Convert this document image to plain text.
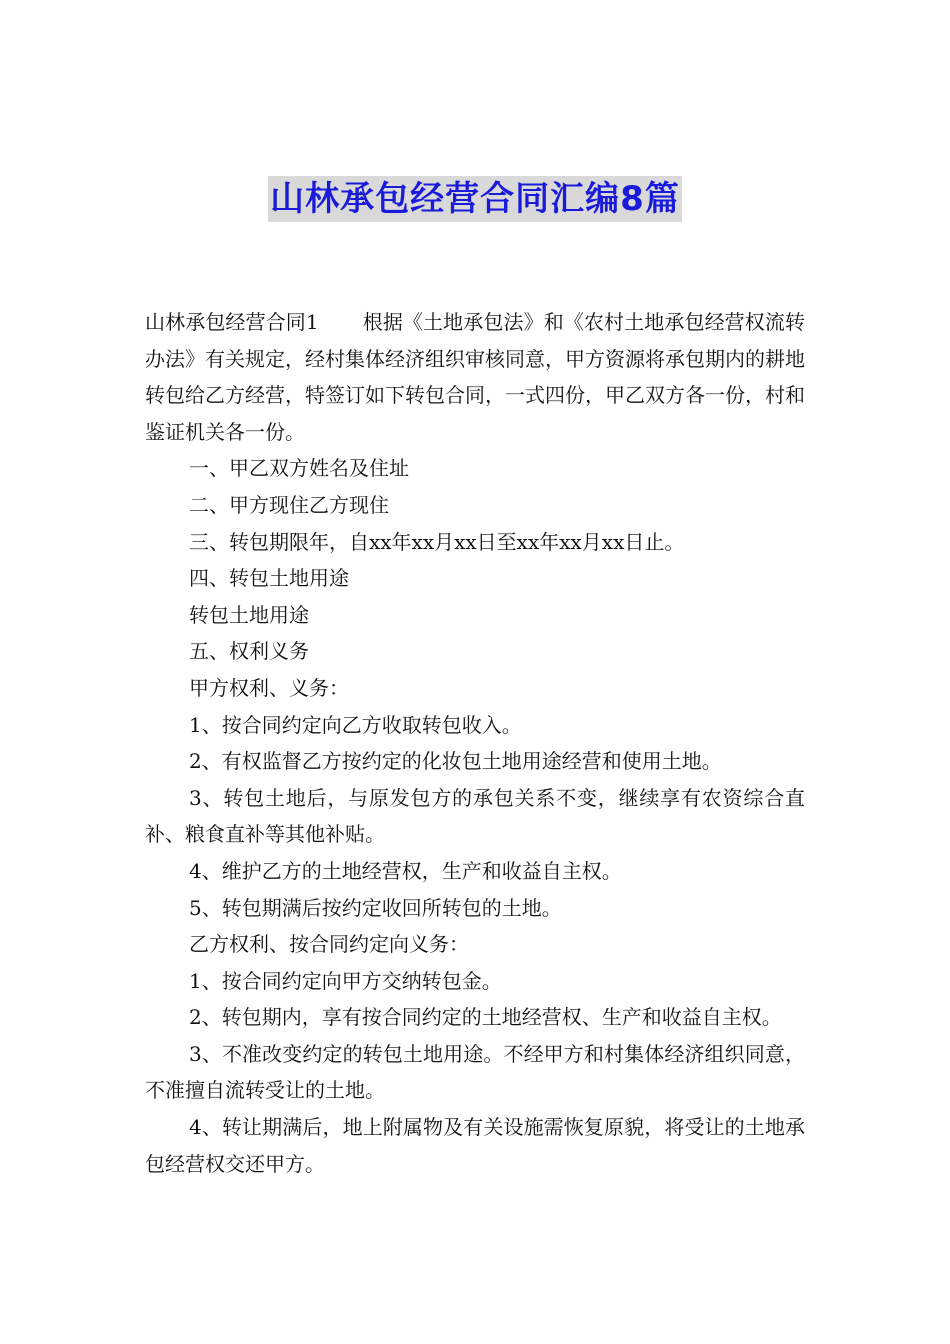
山林承包经营合同汇编8篇

山林承包经营合同1 根据《土地承包法》和《农村土地承包经营权流转办法》有关规定，经村集体经济组织审核同意，甲方资源将承包期内的耕地转包给乙方经营，特签订如下转包合同，一式四份，甲乙双方各一份，村和鉴证机关各一份。

一、甲乙双方姓名及住址

二、甲方现住乙方现住

三、转包期限年，自xx年xx月xx日至xx年xx月xx日止。

四、转包土地用途

转包土地用途

五、权利义务

甲方权利、义务：

1、按合同约定向乙方收取转包收入。

2、有权监督乙方按约定的化妆包土地用途经营和使用土地。

3、转包土地后，与原发包方的承包关系不变，继续享有农资综合直补、粮食直补等其他补贴。

4、维护乙方的土地经营权，生产和收益自主权。

5、转包期满后按约定收回所转包的土地。

乙方权利、按合同约定向义务：

1、按合同约定向甲方交纳转包金。

2、转包期内，享有按合同约定的土地经营权、生产和收益自主权。

3、不准改变约定的转包土地用途。不经甲方和村集体经济组织同意，不准擅自流转受让的土地。

4、转让期满后，地上附属物及有关设施需恢复原貌，将受让的土地承包经营权交还甲方。
